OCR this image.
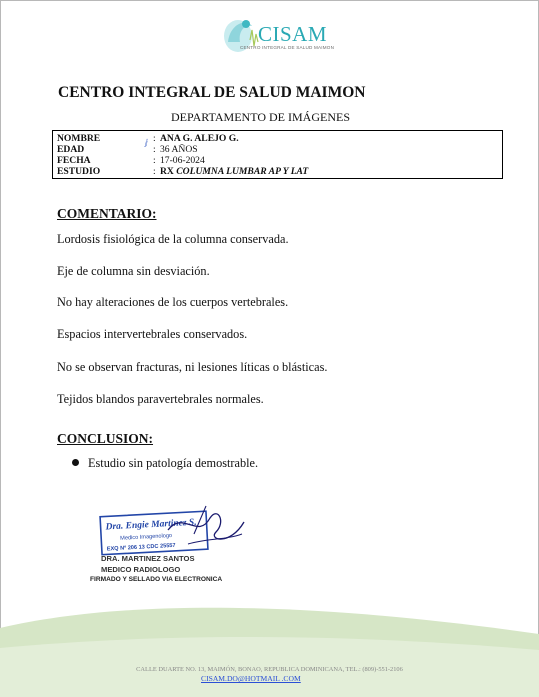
CISAM
CENTRO INTEGRAL DE SALUD MAIMON
CENTRO INTEGRAL DE SALUD MAIMON
DEPARTAMENTO DE IMÁGENES
NOMBRE	ⅉ : ANA G. ALEJO G.
EDAD	: 36 AÑOS
FECHA	: 17-06-2024
ESTUDIO	: RX COLUMNA LUMBAR AP Y LAT
COMENTARIO:
Lordosis fisiológica de la columna conservada.
Eje de columna sin desviación.
No hay alteraciones de los cuerpos vertebrales.
Espacios intervertebrales conservados.
No se observan fracturas, ni lesiones líticas o blásticas.
Tejidos blandos paravertebrales normales.
CONCLUSION:
Estudio sin patología demostrable.
Dra. Engie Martinez S.
Medico Imagenologo
EXQ Nº 206 13 CDC 25557
DRA. MARTINEZ SANTOS
MEDICO RADIOLOGO
FIRMADO Y SELLADO VIA ELECTRONICA
CALLE DUARTE NO. 13, MAIMÓN, BONAO, REPUBLICA DOMINICANA, TEL.: (809)-551-2106
CISAM.DO@HOTMAIL .COM
